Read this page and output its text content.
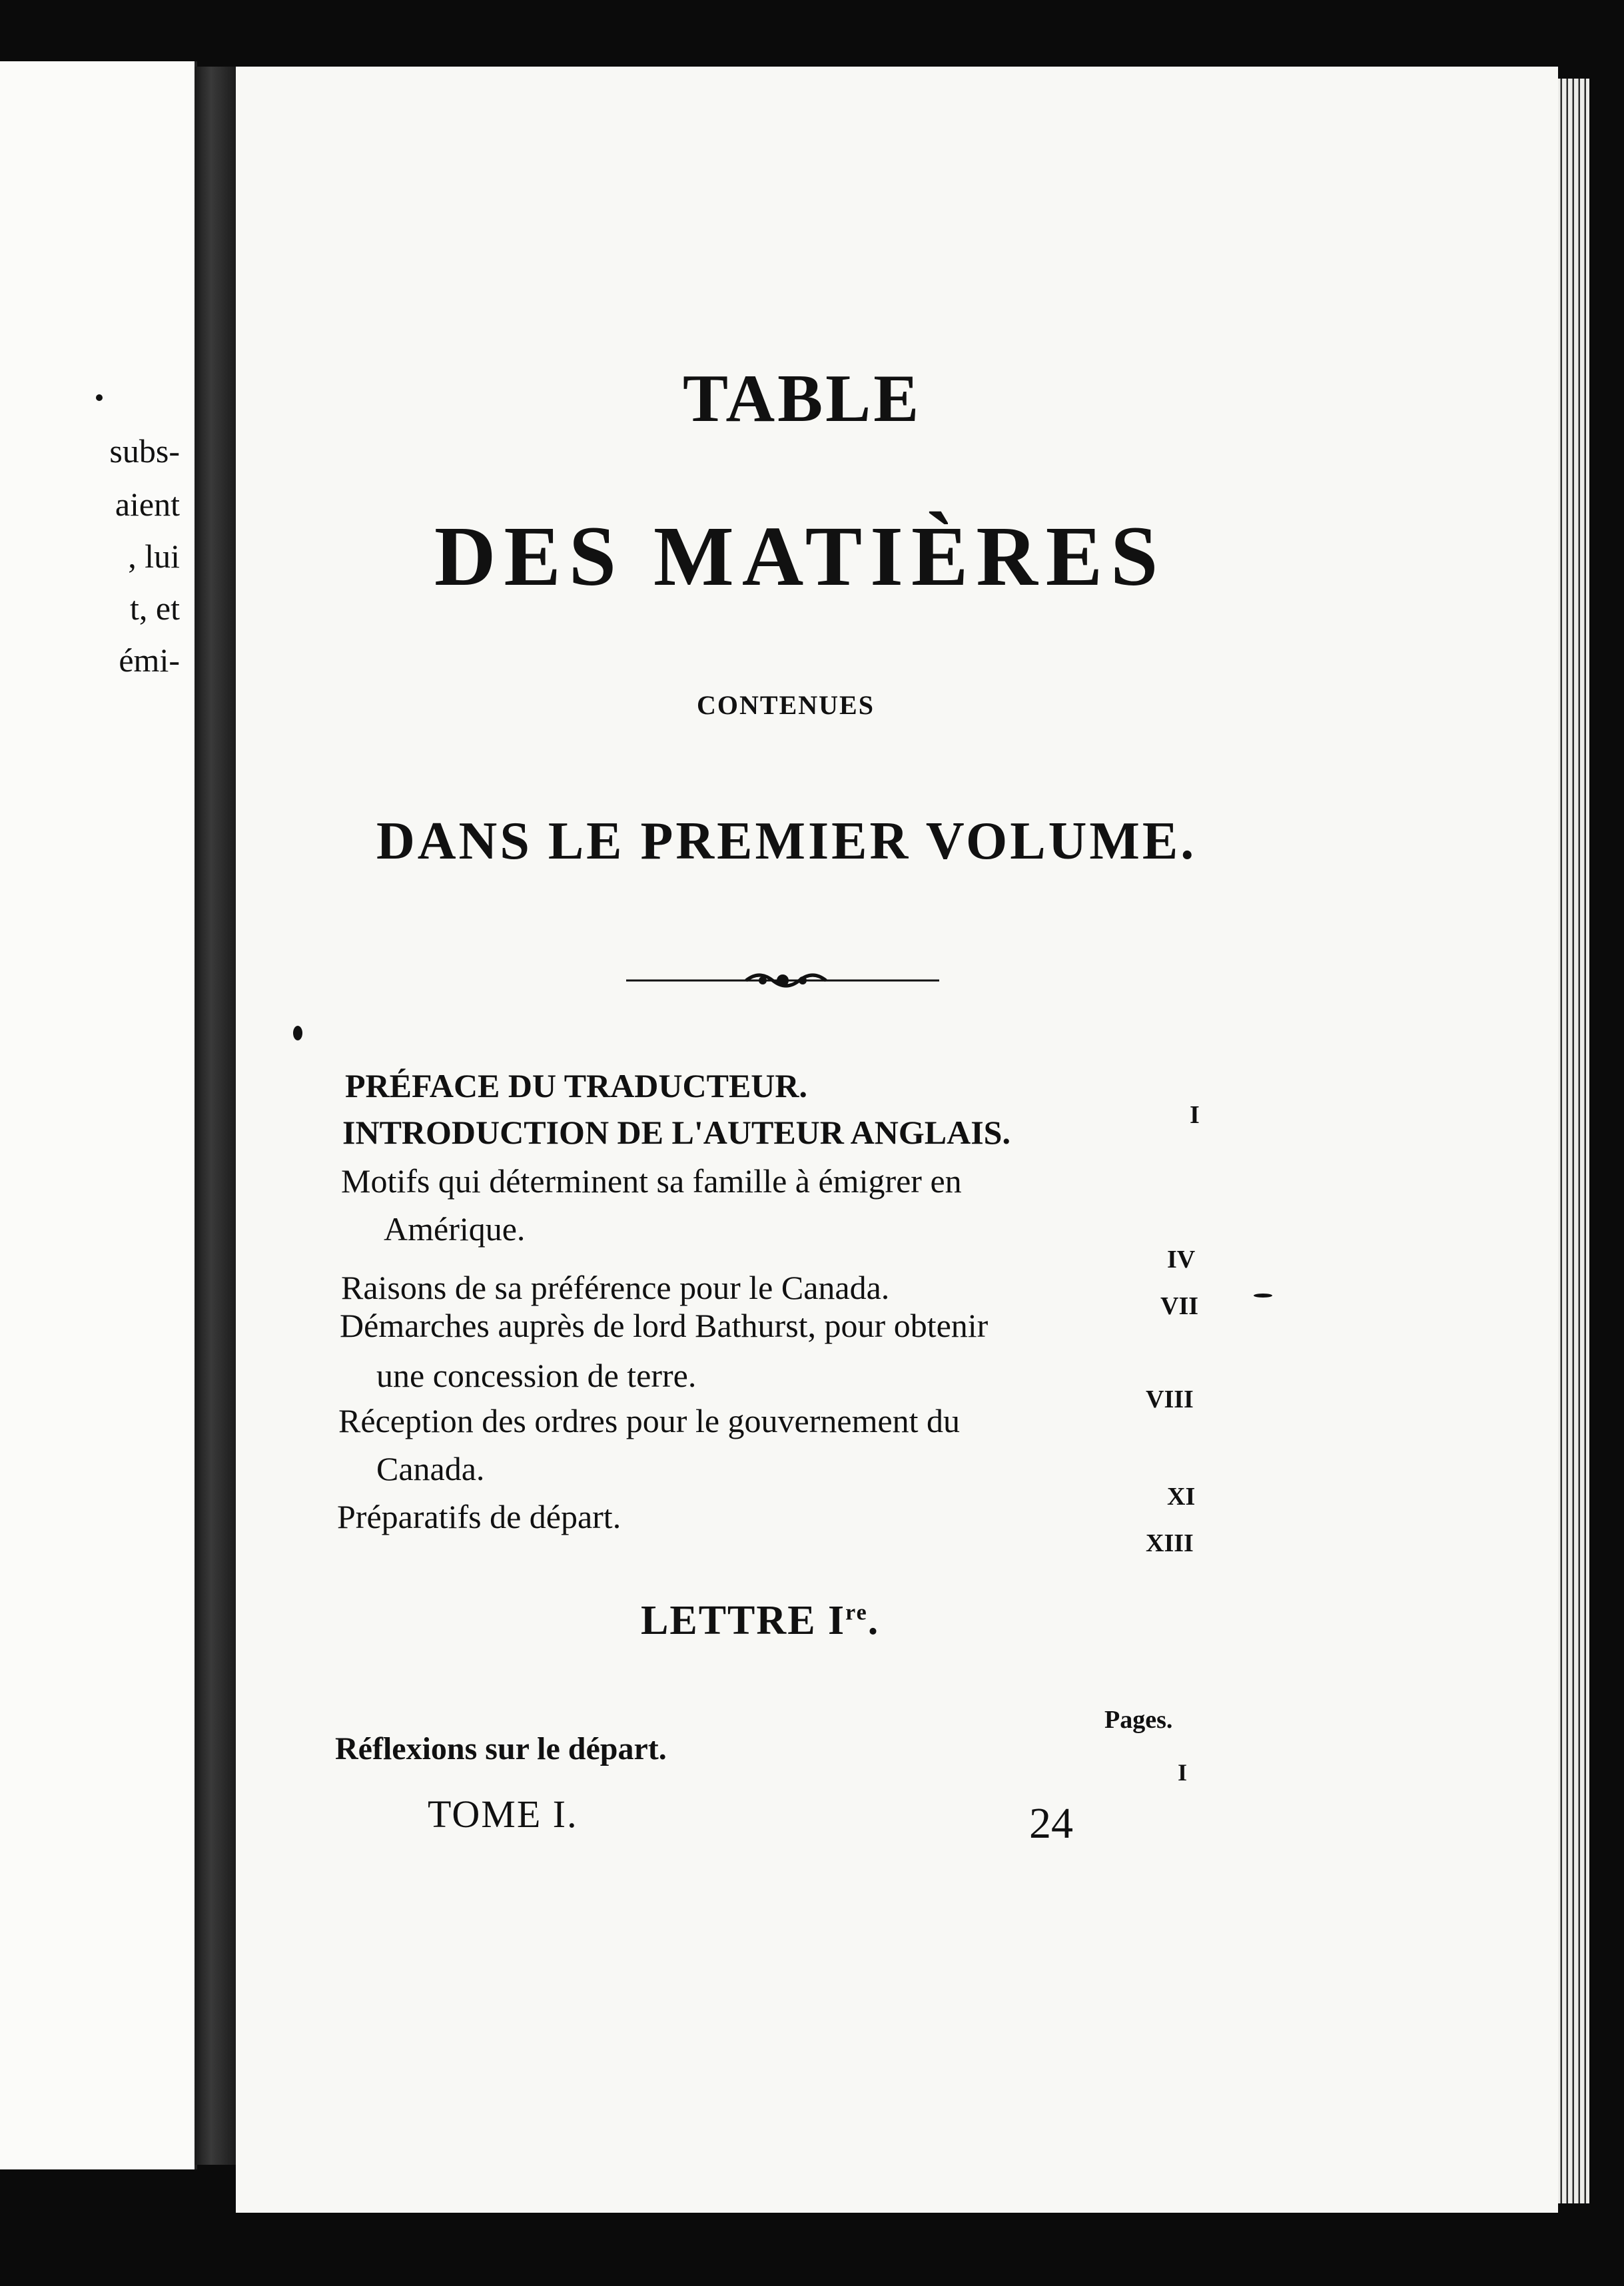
subs-
aient
, lui
t, et
émi-
TABLE
DES MATIÈRES
CONTENUES
DANS LE PREMIER VOLUME.
PRÉFACE DU TRADUCTEUR.
INTRODUCTION DE L'AUTEUR ANGLAIS.
Motifs qui déterminent sa famille à émigrer en
Amérique.
Raisons de sa préférence pour le Canada.
Démarches auprès de lord Bathurst, pour obtenir
une concession de terre.
Réception des ordres pour le gouvernement du
Canada.
Préparatifs de départ.
I
IV
VII
VIII
XI
XIII
LETTRE Ire.
Pages.
Réflexions sur le départ.
I
TOME I.	24
